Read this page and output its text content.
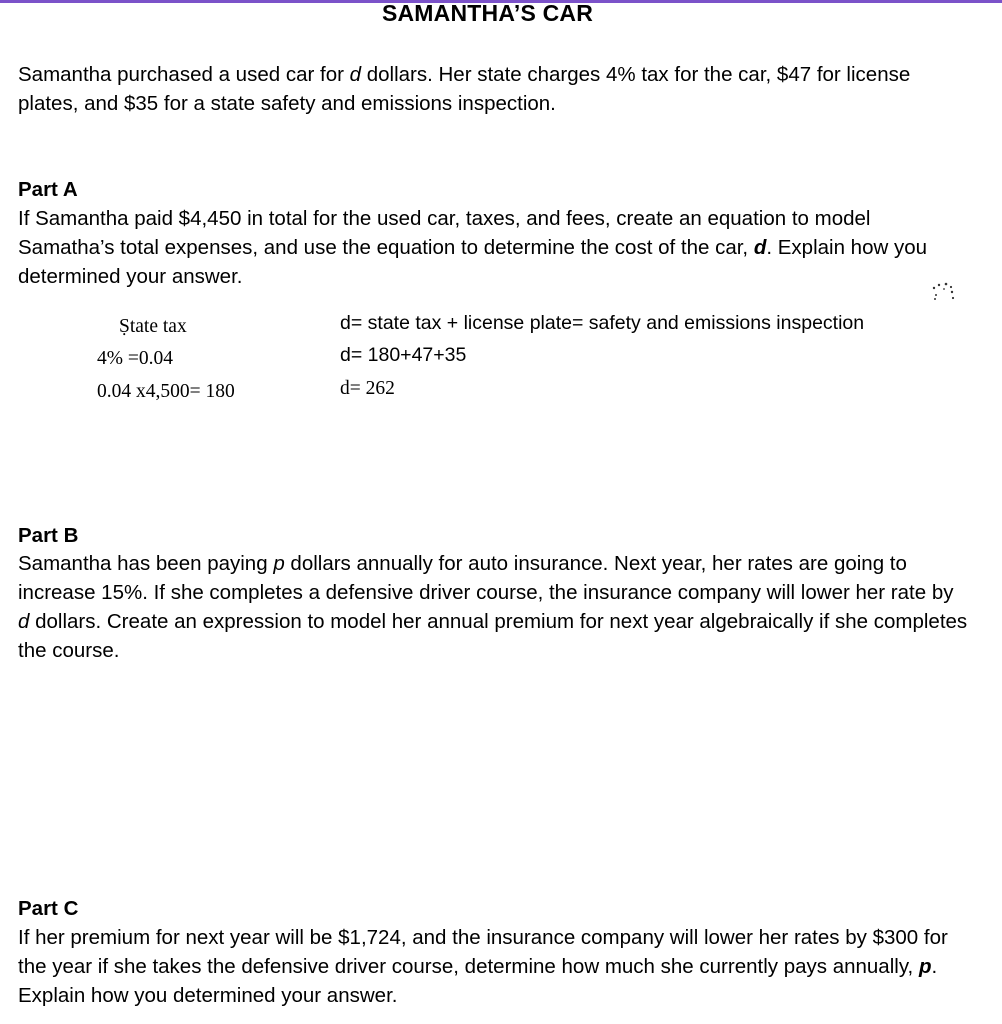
SAMANTHA’S CAR
Samantha purchased a used car for d dollars. Her state charges 4% tax for the car, $47 for license plates, and $35 for a state safety and emissions inspection.
Part A
If Samantha paid $4,450 in total for the used car, taxes, and fees, create an equation to model Samatha’s total expenses, and use the equation to determine the cost of the car, d. Explain how you determined your answer.
Ṣtate tax
4% =0.04
0.04 x4,500= 180
d= state tax + license plate= safety and emissions inspection
d= 180+47+35
d= 262
Part B
Samantha has been paying p dollars annually for auto insurance. Next year, her rates are going to increase 15%. If she completes a defensive driver course, the insurance company will lower her rate by d dollars. Create an expression to model her annual premium for next year algebraically if she completes the course.
Part C
If her premium for next year will be $1,724, and the insurance company will lower her rates by $300 for the year if she takes the defensive driver course, determine how much she currently pays annually, p. Explain how you determined your answer.
